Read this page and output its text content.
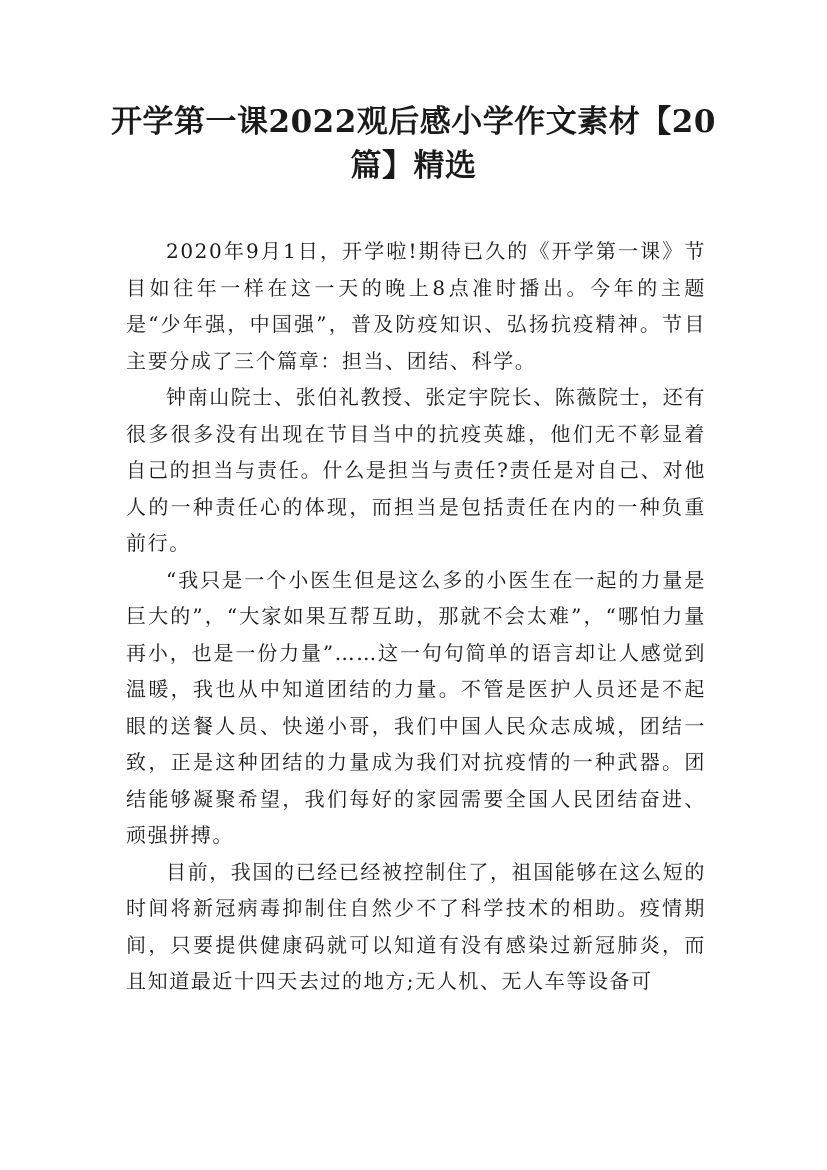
开学第一课2022观后感小学作文素材【20篇】精选

2020年9月1日，开学啦!期待已久的《开学第一课》节目如往年一样在这一天的晚上8点准时播出。今年的主题是“少年强，中国强”，普及防疫知识、弘扬抗疫精神。节目主要分成了三个篇章：担当、团结、科学。

钟南山院士、张伯礼教授、张定宇院长、陈薇院士，还有很多很多没有出现在节目当中的抗疫英雄，他们无不彰显着自己的担当与责任。什么是担当与责任?责任是对自己、对他人的一种责任心的体现，而担当是包括责任在内的一种负重前行。

“我只是一个小医生但是这么多的小医生在一起的力量是巨大的”，“大家如果互帮互助，那就不会太难”，“哪怕力量再小，也是一份力量”……这一句句简单的语言却让人感觉到温暖，我也从中知道团结的力量。不管是医护人员还是不起眼的送餐人员、快递小哥，我们中国人民众志成城，团结一致，正是这种团结的力量成为我们对抗疫情的一种武器。团结能够凝聚希望，我们每好的家园需要全国人民团结奋进、顽强拼搏。

目前，我国的已经已经被控制住了，祖国能够在这么短的时间将新冠病毒抑制住自然少不了科学技术的相助。疫情期间，只要提供健康码就可以知道有没有感染过新冠肺炎，而且知道最近十四天去过的地方;无人机、无人车等设备可
